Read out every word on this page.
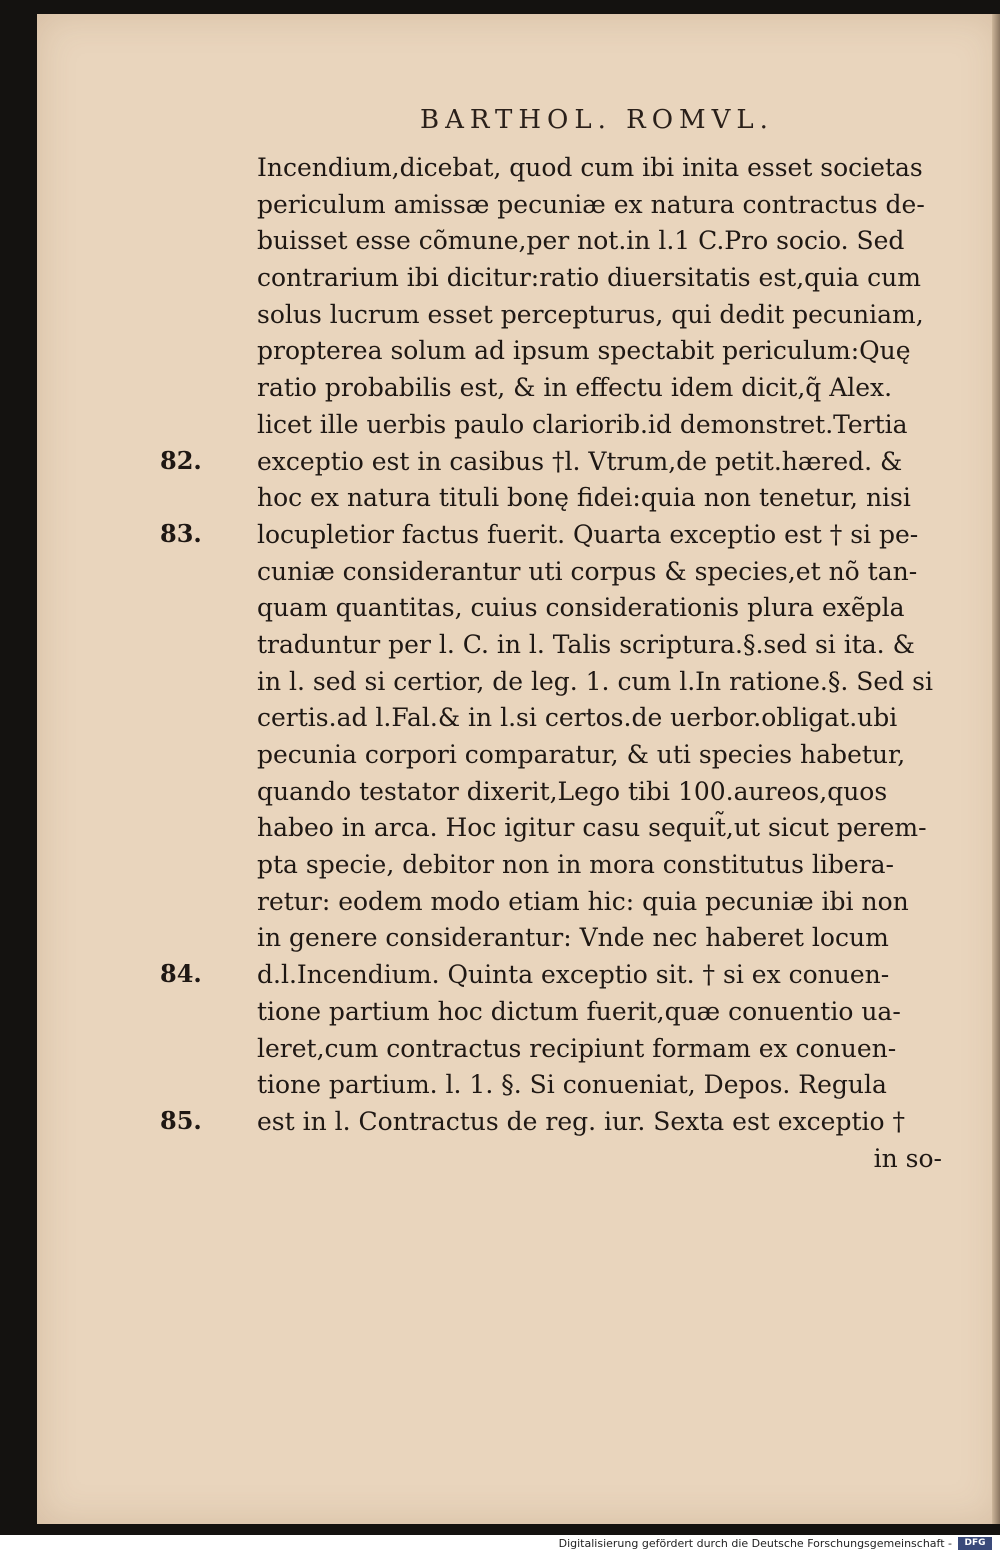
BARTHOL. ROMVL.
Incendium,dicebat, quod cum ibi inita esset societas
periculum amissæ pecuniæ ex natura contractus de-
buisset esse cõmune,per not.in l.1 C.Pro socio. Sed
contrarium ibi dicitur:ratio diuersitatis est,quia cum
solus lucrum esset percepturus, qui dedit pecuniam,
propterea solum ad ipsum spectabit periculum:Quę
ratio probabilis est, & in effectu idem dicit,q̃ Alex.
licet ille uerbis paulo clariorib.id demonstret.Tertia
exceptio est in casibus †l. Vtrum,de petit.hæred. &
hoc ex natura tituli bonę fidei:quia non tenetur, nisi
locupletior factus fuerit. Quarta exceptio est † si pe-
cuniæ considerantur uti corpus & species,et nõ tan-
quam quantitas, cuius considerationis plura exẽpla
traduntur per l. C. in l. Talis scriptura.§.sed si ita. &
in l. sed si certior, de leg. 1. cum l.In ratione.§. Sed si
certis.ad l.Fal.& in l.si certos.de uerbor.obligat.ubi
pecunia corpori comparatur, & uti species habetur,
quando testator dixerit,Lego tibi 100.aureos,quos
habeo in arca. Hoc igitur casu sequit̃,ut sicut perem-
pta specie, debitor non in mora constitutus libera-
retur: eodem modo etiam hic: quia pecuniæ ibi non
in genere considerantur: Vnde nec haberet locum
d.l.Incendium. Quinta exceptio sit. † si ex conuen-
tione partium hoc dictum fuerit,quæ conuentio ua-
leret,cum contractus recipiunt formam ex conuen-
tione partium. l. 1. §. Si conueniat, Depos. Regula
est in l. Contractus de reg. iur. Sexta est exceptio †
in so-
82.
83.
84.
85.
Digitalisierung gefördert durch die Deutsche Forschungsgemeinschaft -	DFG
